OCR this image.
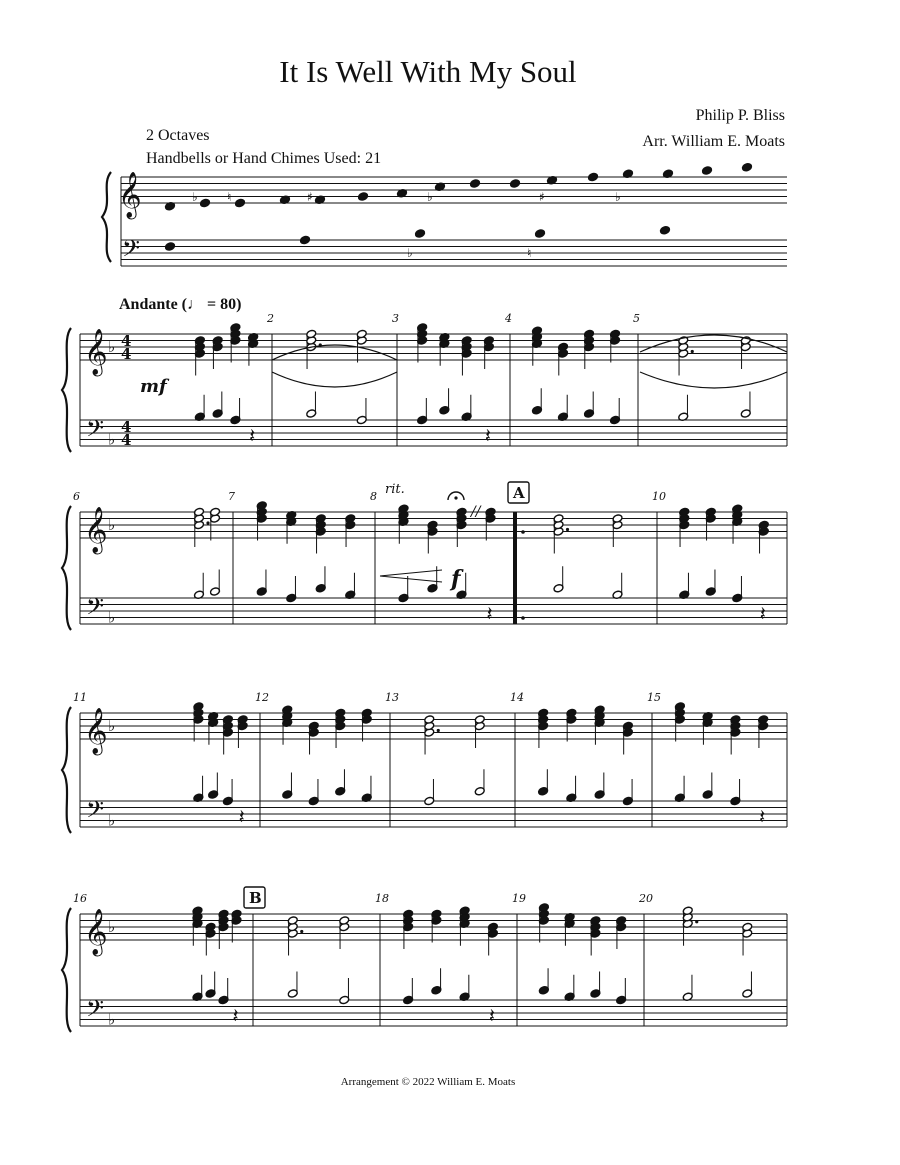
It Is Well With My Soul
Philip P. Bliss
Arr. William E. Moats
2 Octaves
Handbells or Hand Chimes Used: 21
Andante (♩ = 80)
Arrangement © 2022 William E. Moats
𝄞
𝄢
♭ ♮	♯	♭	♯	♭
♭	♮
𝄞
𝄢
♭
♭
2	3	4	5
4
4
4
4	𝄽	𝄽
𝄞
𝄢
♭
♭
6	7	8	10
𝄽	𝄽
𝄞
𝄢
♭
♭
11	12	13	14	15
𝄽	𝄽
𝄞
𝄢
♭
♭
16	18	19	20
𝄽	𝄽
mf
f
rit.
//
A
B
